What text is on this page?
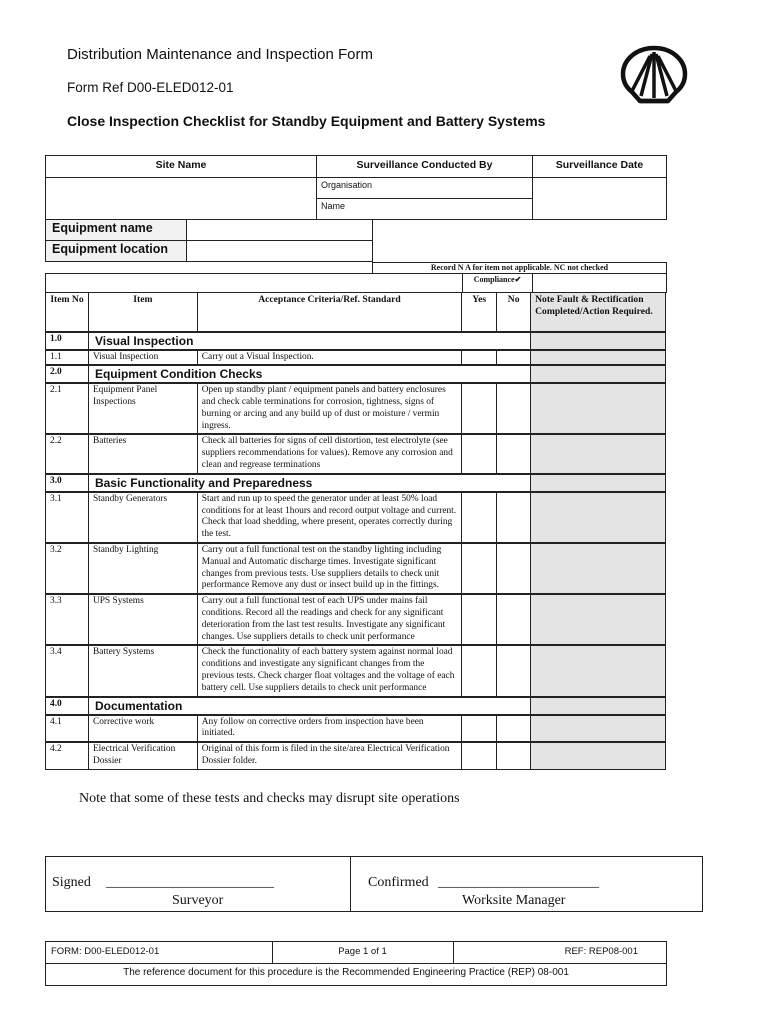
Distribution Maintenance and Inspection Form
Form Ref D00-ELED012-01
Close Inspection Checklist for Standby Equipment and Battery Systems
Site Name	Surveillance Conducted By	Surveillance Date
Organisation
Name
Equipment name
Equipment location
Record N A for item not applicable. NC not checked
Compliance✔
Item No	Item	Acceptance Criteria/Ref. Standard	Yes	No	Note Fault & Rectification Completed/Action Required.
1.0	Visual Inspection				
1.1	Visual Inspection	Carry out a Visual Inspection.			
2.0	Equipment Condition Checks				
2.1	Equipment Panel Inspections	Open up standby plant / equipment panels and battery enclosures and check cable terminations for corrosion, tightness, signs of burning or arcing and any build up of dust or moisture / vermin ingress.			
2.2	Batteries	Check all batteries for signs of cell distortion, test electrolyte (see suppliers recommendations for values). Remove any corrosion and clean and regrease terminations			
3.0	Basic Functionality and Preparedness				
3.1	Standby Generators	Start and run up to speed the generator under at least 50% load conditions for at least 1hours and record output voltage and current. Check that load shedding, where present, operates correctly during the test.			
3.2	Standby Lighting	Carry out a full functional test on the standby lighting including Manual and Automatic discharge times. Investigate significant changes from previous tests. Use suppliers details to check unit performance Remove any dust or insect build up in the fittings.			
3.3	UPS Systems	Carry out a full functional test of each UPS under mains fail conditions. Record all the readings and check for any significant deterioration from the last test results. Investigate any significant changes. Use suppliers details to check unit performance			
3.4	Battery Systems	Check the functionality of each battery system against normal load conditions and investigate any significant changes from the previous tests. Check charger float voltages and the voltage of each battery cell. Use suppliers details to check unit performance			
4.0	Documentation				
4.1	Corrective work	Any follow on corrective orders from inspection have been initiated.			
4.2	Electrical Verification Dossier	Original of this form is filed in the site/area Electrical Verification Dossier folder.			
Note that some of these tests and checks may disrupt site operations
Signed ________________________
Surveyor
Confirmed _______________________
Worksite Manager
FORM: D00-ELED012-01	Page 1 of 1	REF: REP08-001
The reference document for this procedure is the Recommended Engineering Practice (REP) 08-001
